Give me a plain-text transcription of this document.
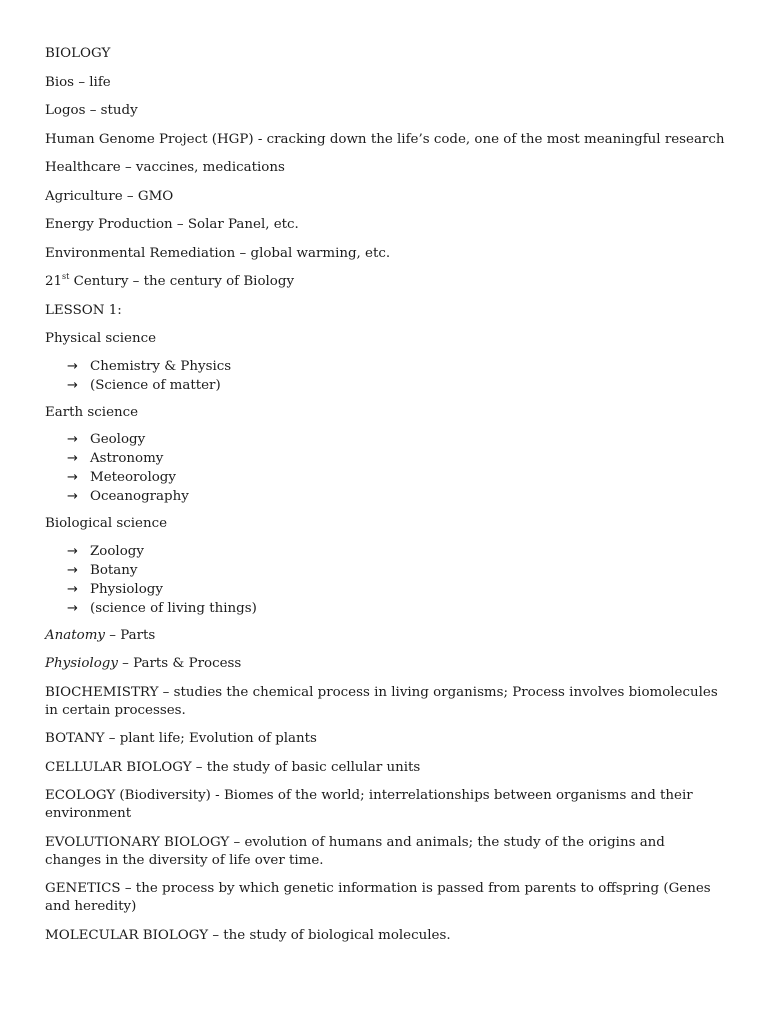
BIOLOGY

Bios – life

Logos – study

Human Genome Project (HGP) - cracking down the life’s code, one of the most meaningful research

Healthcare – vaccines, medications

Agriculture – GMO

Energy Production – Solar Panel, etc.

Environmental Remediation – global warming, etc.

21st Century – the century of Biology

LESSON 1:

Physical science

→ Chemistry & Physics
→ (Science of matter)

Earth science

→ Geology
→ Astronomy
→ Meteorology
→ Oceanography

Biological science

→ Zoology
→ Botany
→ Physiology
→ (science of living things)

Anatomy – Parts

Physiology – Parts & Process

BIOCHEMISTRY – studies the chemical process in living organisms; Process involves biomolecules in certain processes.

BOTANY – plant life; Evolution of plants

CELLULAR BIOLOGY – the study of basic cellular units

ECOLOGY (Biodiversity) - Biomes of the world; interrelationships between organisms and their environment

EVOLUTIONARY BIOLOGY – evolution of humans and animals; the study of the origins and changes in the diversity of life over time.

GENETICS – the process by which genetic information is passed from parents to offspring (Genes and heredity)

MOLECULAR BIOLOGY – the study of biological molecules.
